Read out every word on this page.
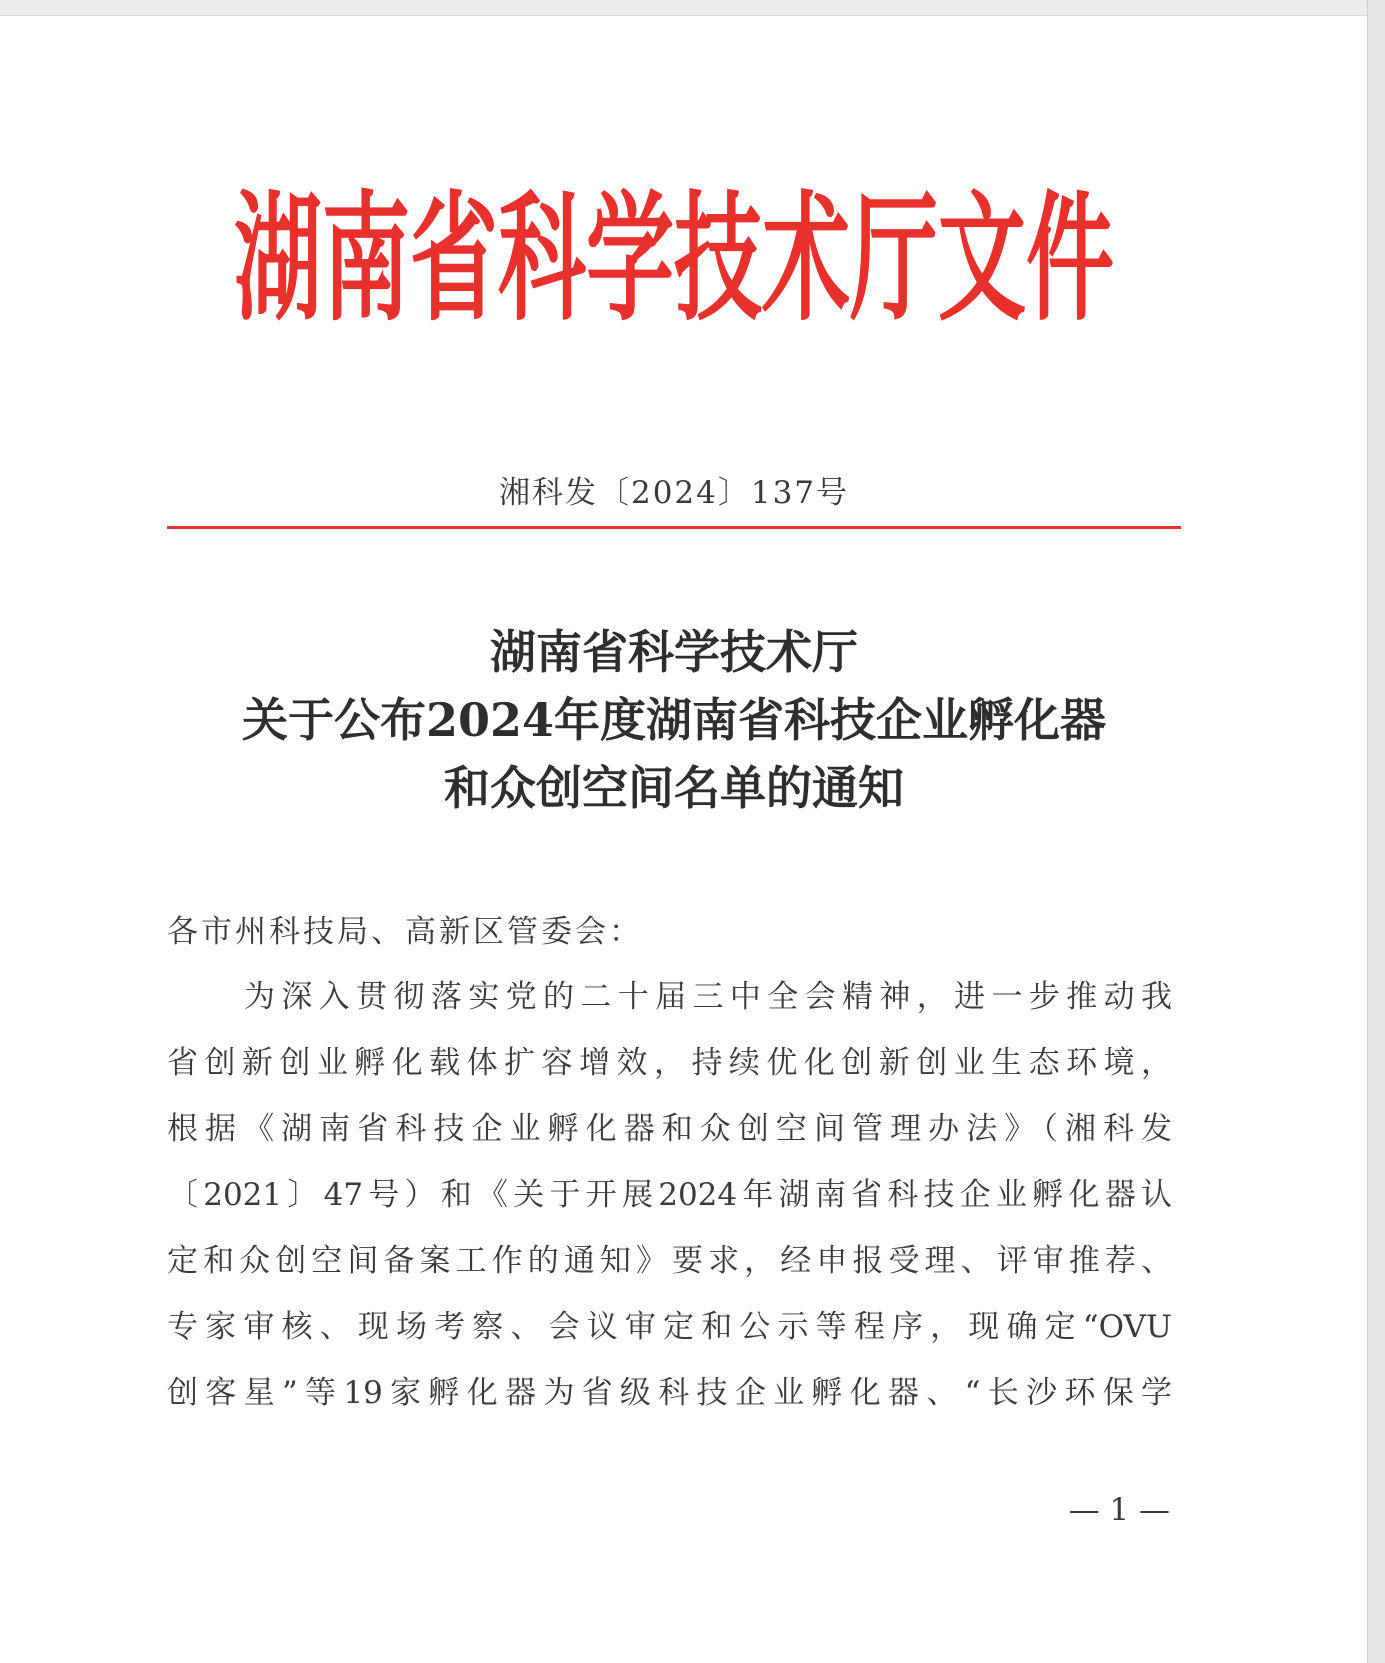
湖南省科学技术厅文件
湘科发〔2024〕137号
湖南省科学技术厅
关于公布2024年度湖南省科技企业孵化器
和众创空间名单的通知
各市州科技局、高新区管委会：
为深入贯彻落实党的二十届三中全会精神，进一步推动我
省创新创业孵化载体扩容增效，持续优化创新创业生态环境，
根据《湖南省科技企业孵化器和众创空间管理办法》（湘科发
〔2021〕47号）和《关于开展2024年湖南省科技企业孵化器认
定和众创空间备案工作的通知》要求，经申报受理、评审推荐、
专家审核、现场考察、会议审定和公示等程序，现确定“OVU
创客星”等19家孵化器为省级科技企业孵化器、“长沙环保学
— 1 —
